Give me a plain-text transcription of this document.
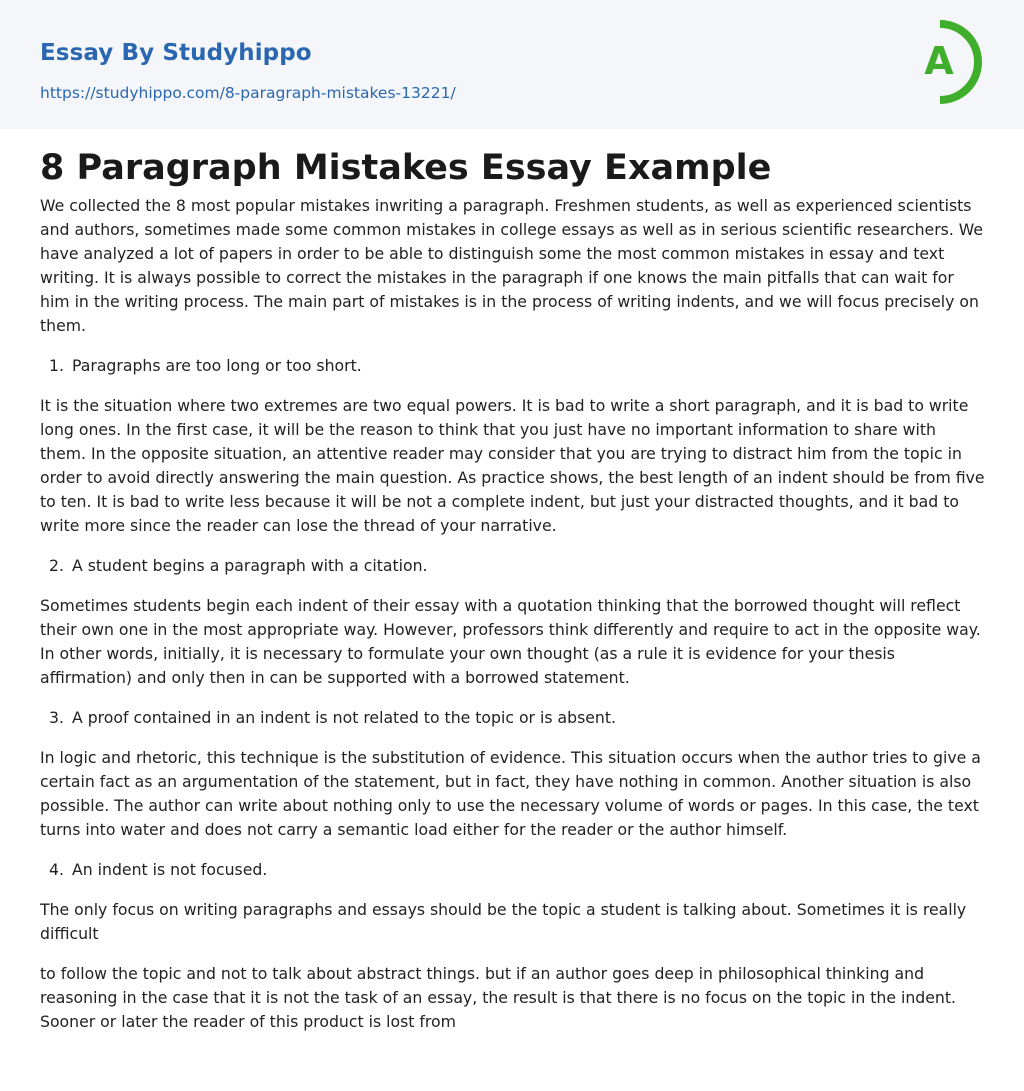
Essay By Studyhippo
https://studyhippo.com/8-paragraph-mistakes-13221/
A
8 Paragraph Mistakes Essay Example

We collected the 8 most popular mistakes inwriting a paragraph. Freshmen students, as well as experienced scientists and authors, sometimes made some common mistakes in college essays as well as in serious scientific researchers. We have analyzed a lot of papers in order to be able to distinguish some the most common mistakes in essay and text writing. It is always possible to correct the mistakes in the paragraph if one knows the main pitfalls that can wait for him in the writing process. The main part of mistakes is in the process of writing indents, and we will focus precisely on them.

1. Paragraphs are too long or too short.

It is the situation where two extremes are two equal powers. It is bad to write a short paragraph, and it is bad to write long ones. In the first case, it will be the reason to think that you just have no important information to share with them. In the opposite situation, an attentive reader may consider that you are trying to distract him from the topic in order to avoid directly answering the main question. As practice shows, the best length of an indent should be from five to ten. It is bad to write less because it will be not a complete indent, but just your distracted thoughts, and it bad to write more since the reader can lose the thread of your narrative.

2. A student begins a paragraph with a citation.

Sometimes students begin each indent of their essay with a quotation thinking that the borrowed thought will reflect their own one in the most appropriate way. However, professors think differently and require to act in the opposite way. In other words, initially, it is necessary to formulate your own thought (as a rule it is evidence for your thesis affirmation) and only then in can be supported with a borrowed statement.

3. A proof contained in an indent is not related to the topic or is absent.

In logic and rhetoric, this technique is the substitution of evidence. This situation occurs when the author tries to give a certain fact as an argumentation of the statement, but in fact, they have nothing in common. Another situation is also possible. The author can write about nothing only to use the necessary volume of words or pages. In this case, the text turns into water and does not carry a semantic load either for the reader or the author himself.

4. An indent is not focused.

The only focus on writing paragraphs and essays should be the topic a student is talking about. Sometimes it is really difficult

to follow the topic and not to talk about abstract things. but if an author goes deep in philosophical thinking and reasoning in the case that it is not the task of an essay, the result is that there is no focus on the topic in the indent. Sooner or later the reader of this product is lost from
